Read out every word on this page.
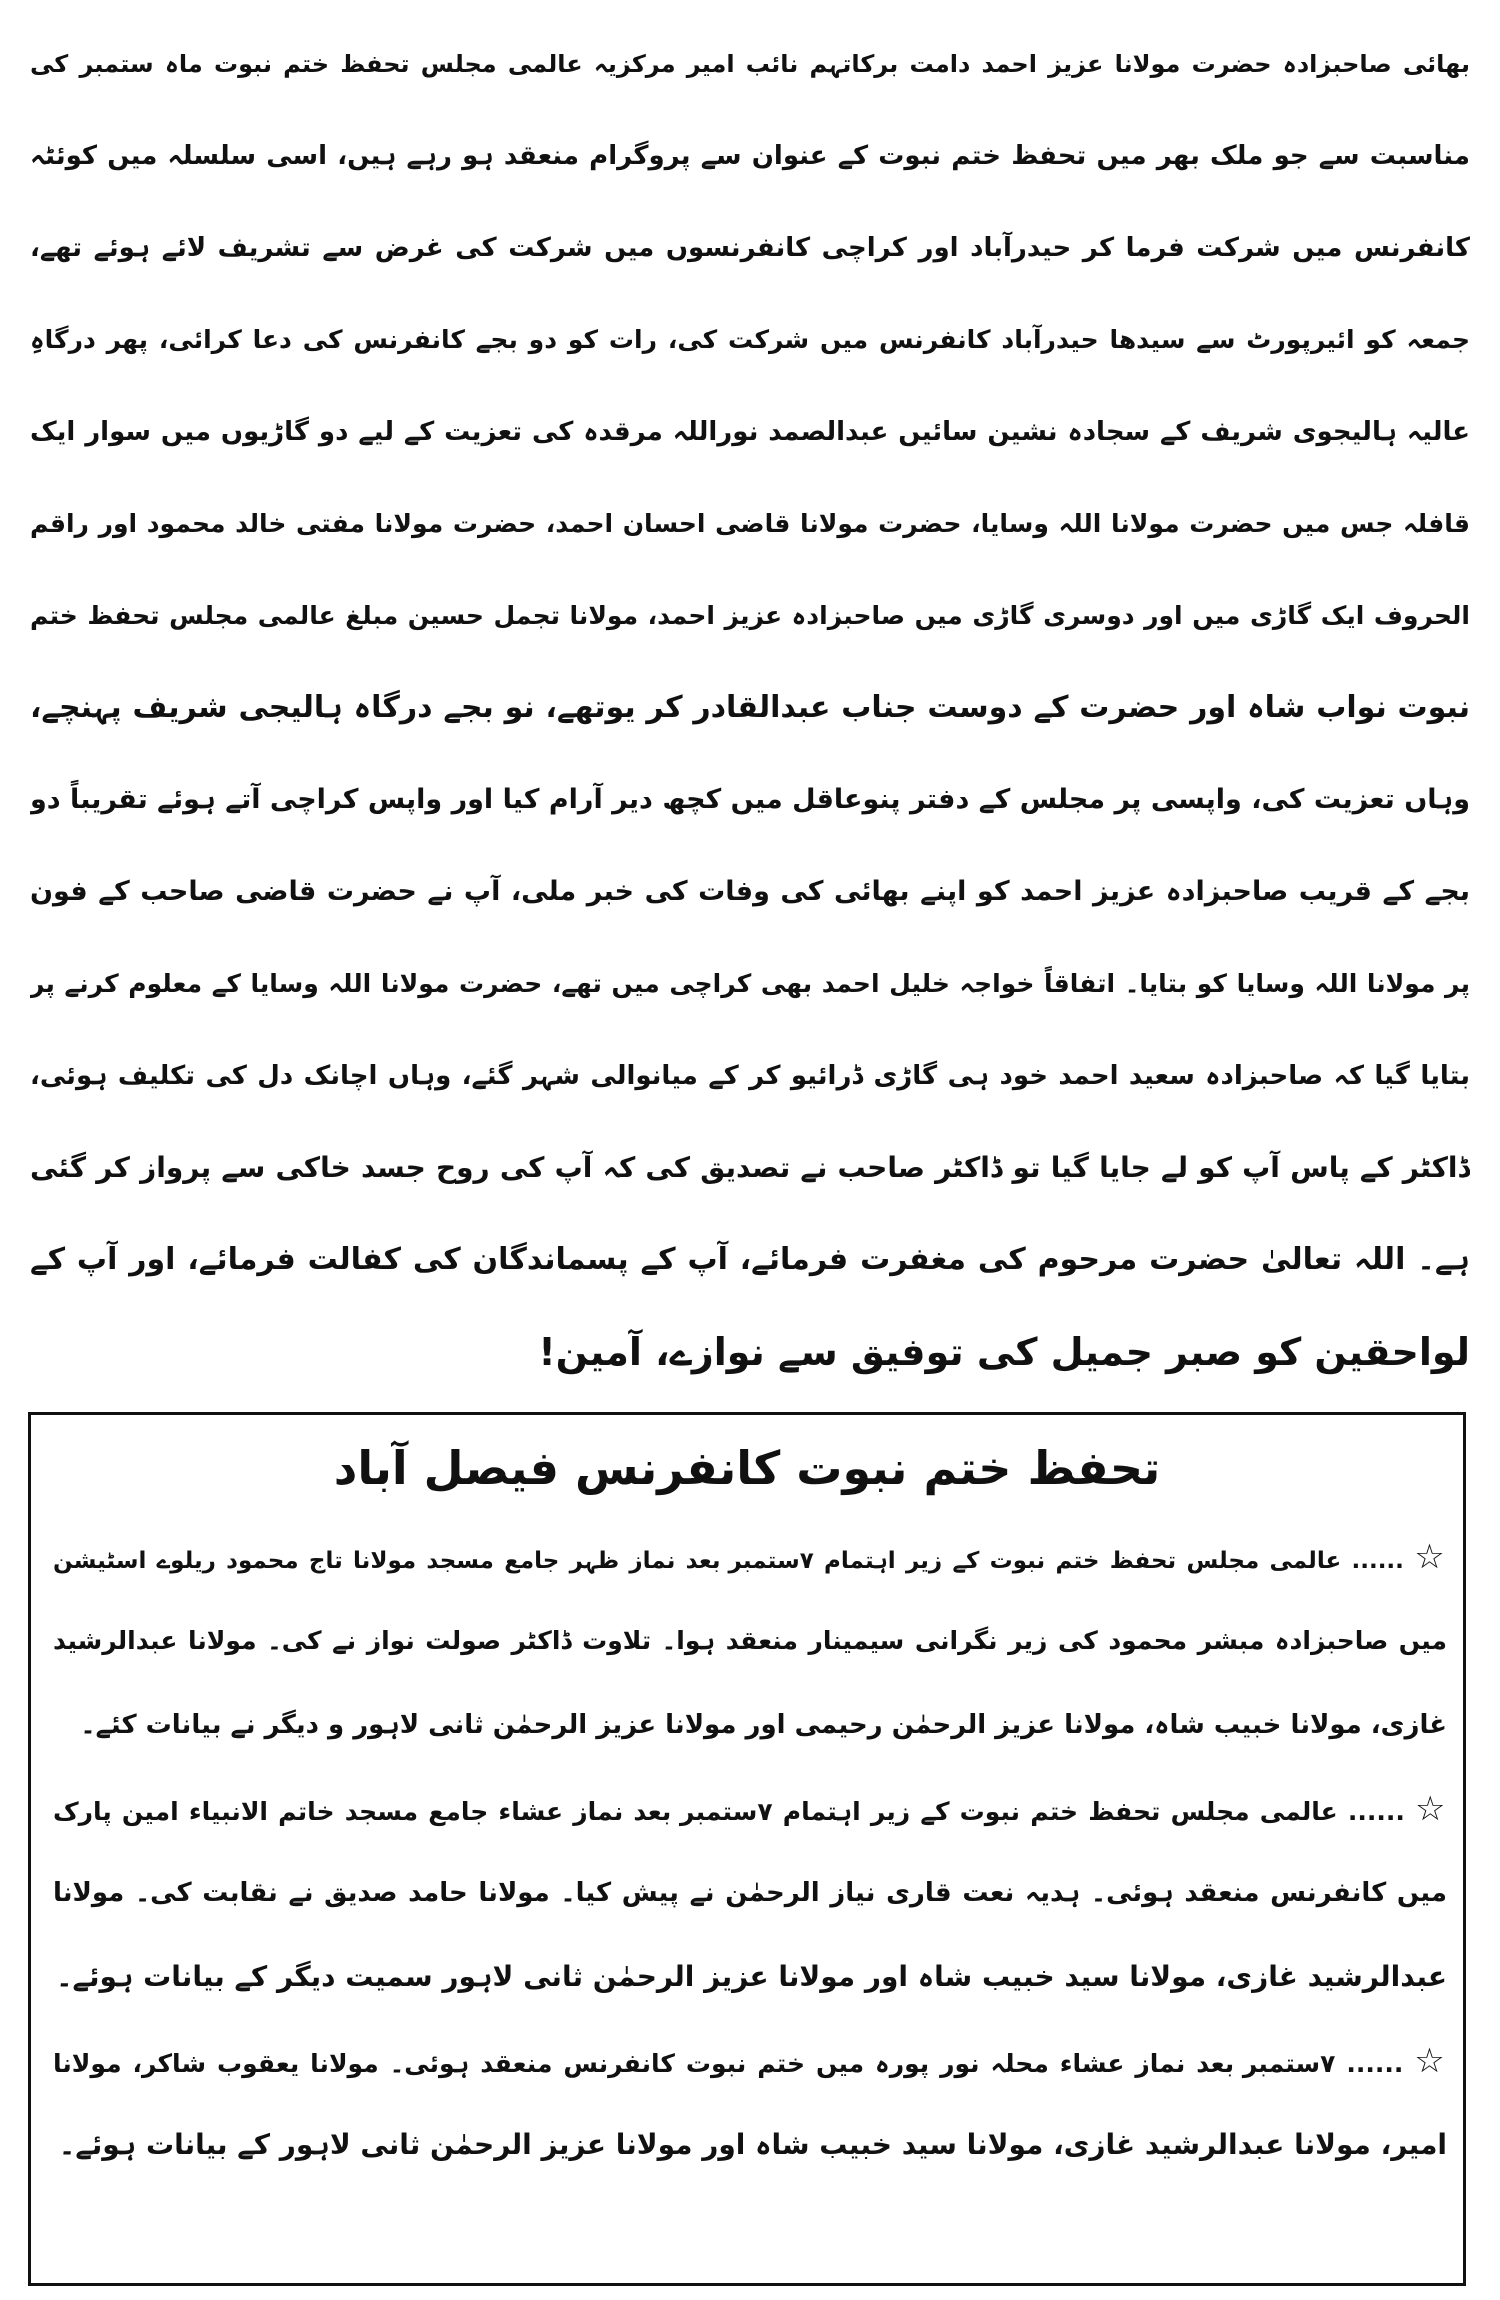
بھائی صاحبزادہ حضرت مولانا عزیز احمد دامت برکاتہم نائب امیر مرکزیہ عالمی مجلس تحفظ ختم نبوت ماہ ستمبر کی
مناسبت سے جو ملک بھر میں تحفظ ختم نبوت کے عنوان سے پروگرام منعقد ہو رہے ہیں، اسی سلسلہ میں کوئٹہ
کانفرنس میں شرکت فرما کر حیدرآباد اور کراچی کانفرنسوں میں شرکت کی غرض سے تشریف لائے ہوئے تھے،
جمعہ کو ائیرپورٹ سے سیدھا حیدرآباد کانفرنس میں شرکت کی، رات کو دو بجے کانفرنس کی دعا کرائی، پھر درگاہِ
عالیہ ہالیجوی شریف کے سجادہ نشین سائیں عبدالصمد نوراللہ مرقدہ کی تعزیت کے لیے دو گاڑیوں میں سوار ایک
قافلہ جس میں حضرت مولانا اللہ وسایا، حضرت مولانا قاضی احسان احمد، حضرت مولانا مفتی خالد محمود اور راقم
الحروف ایک گاڑی میں اور دوسری گاڑی میں صاحبزادہ عزیز احمد، مولانا تجمل حسین مبلغ عالمی مجلس تحفظ ختم
نبوت نواب شاہ اور حضرت کے دوست جناب عبدالقادر کر یوتھے، نو بجے درگاہ ہالیجی شریف پہنچے،
وہاں تعزیت کی، واپسی پر مجلس کے دفتر پنوعاقل میں کچھ دیر آرام کیا اور واپس کراچی آتے ہوئے تقریباً دو
بجے کے قریب صاحبزادہ عزیز احمد کو اپنے بھائی کی وفات کی خبر ملی، آپ نے حضرت قاضی صاحب کے فون
پر مولانا اللہ وسایا کو بتایا۔ اتفاقاً خواجہ خلیل احمد بھی کراچی میں تھے، حضرت مولانا اللہ وسایا کے معلوم کرنے پر
بتایا گیا کہ صاحبزادہ سعید احمد خود ہی گاڑی ڈرائیو کر کے میانوالی شہر گئے، وہاں اچانک دل کی تکلیف ہوئی،
ڈاکٹر کے پاس آپ کو لے جایا گیا تو ڈاکٹر صاحب نے تصدیق کی کہ آپ کی روح جسد خاکی سے پرواز کر گئی
ہے۔ اللہ تعالیٰ حضرت مرحوم کی مغفرت فرمائے، آپ کے پسماندگان کی کفالت فرمائے، اور آپ کے
لواحقین کو صبر جمیل کی توفیق سے نوازے، آمین!
تحفظ ختم نبوت کانفرنس فیصل آباد
☆ ...... عالمی مجلس تحفظ ختم نبوت کے زیر اہتمام ۷ستمبر بعد نماز ظہر جامع مسجد مولانا تاج محمود ریلوے اسٹیشن
میں صاحبزادہ مبشر محمود کی زیر نگرانی سیمینار منعقد ہوا۔ تلاوت ڈاکٹر صولت نواز نے کی۔ مولانا عبدالرشید
غازی، مولانا خبیب شاہ، مولانا عزیز الرحمٰن رحیمی اور مولانا عزیز الرحمٰن ثانی لاہور و دیگر نے بیانات کئے۔
☆ ...... عالمی مجلس تحفظ ختم نبوت کے زیر اہتمام ۷ستمبر بعد نماز عشاء جامع مسجد خاتم الانبیاء امین پارک
میں کانفرنس منعقد ہوئی۔ ہدیہ نعت قاری نیاز الرحمٰن نے پیش کیا۔ مولانا حامد صدیق نے نقابت کی۔ مولانا
عبدالرشید غازی، مولانا سید خبیب شاہ اور مولانا عزیز الرحمٰن ثانی لاہور سمیت دیگر کے بیانات ہوئے۔
☆ ...... ۷ستمبر بعد نماز عشاء محلہ نور پورہ میں ختم نبوت کانفرنس منعقد ہوئی۔ مولانا یعقوب شاکر، مولانا
امیر، مولانا عبدالرشید غازی، مولانا سید خبیب شاہ اور مولانا عزیز الرحمٰن ثانی لاہور کے بیانات ہوئے۔
